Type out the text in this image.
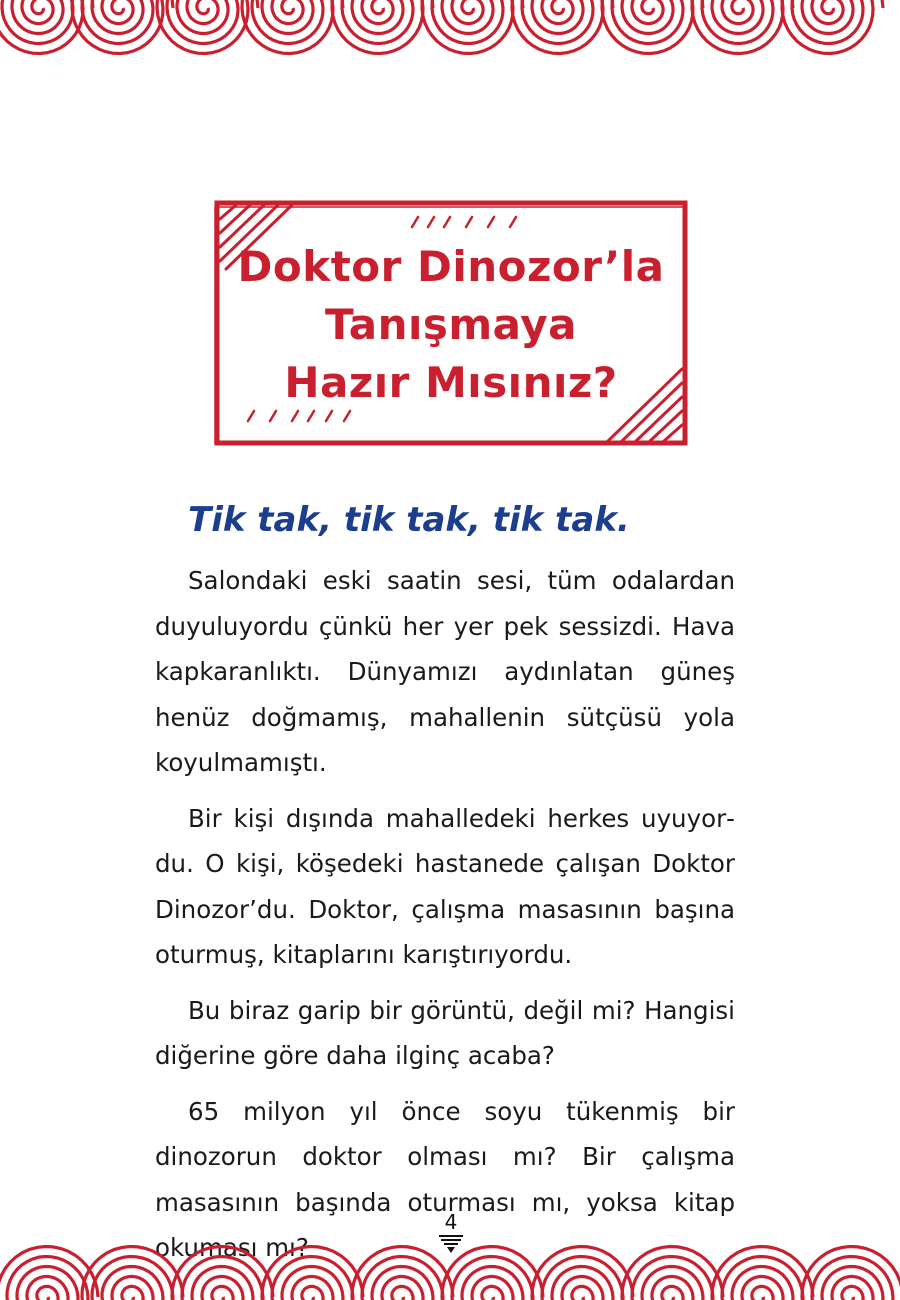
Doktor Dinozor’la
Tanışmaya
Hazır Mısınız?
Tik tak, tik tak, tik tak.

Salondaki eski saatin sesi, tüm odalardan duyuluyordu çünkü her yer pek sessizdi. Hava kapkaranlıktı. Dünyamızı aydınlatan güneş henüz doğmamış, mahallenin sütçüsü yola koyulmamıştı.

Bir kişi dışında mahalledeki herkes uyuyordu. O kişi, köşedeki hastanede çalışan Doktor Dinozor’du. Doktor, çalışma masasının başına oturmuş, kitaplarını karıştırıyordu.

Bu biraz garip bir görüntü, değil mi? Hangisi diğerine göre daha ilginç acaba?

65 milyon yıl önce soyu tükenmiş bir dinozorun doktor olması mı? Bir çalışma masasının başında oturması mı, yoksa kitap okuması mı?

4
